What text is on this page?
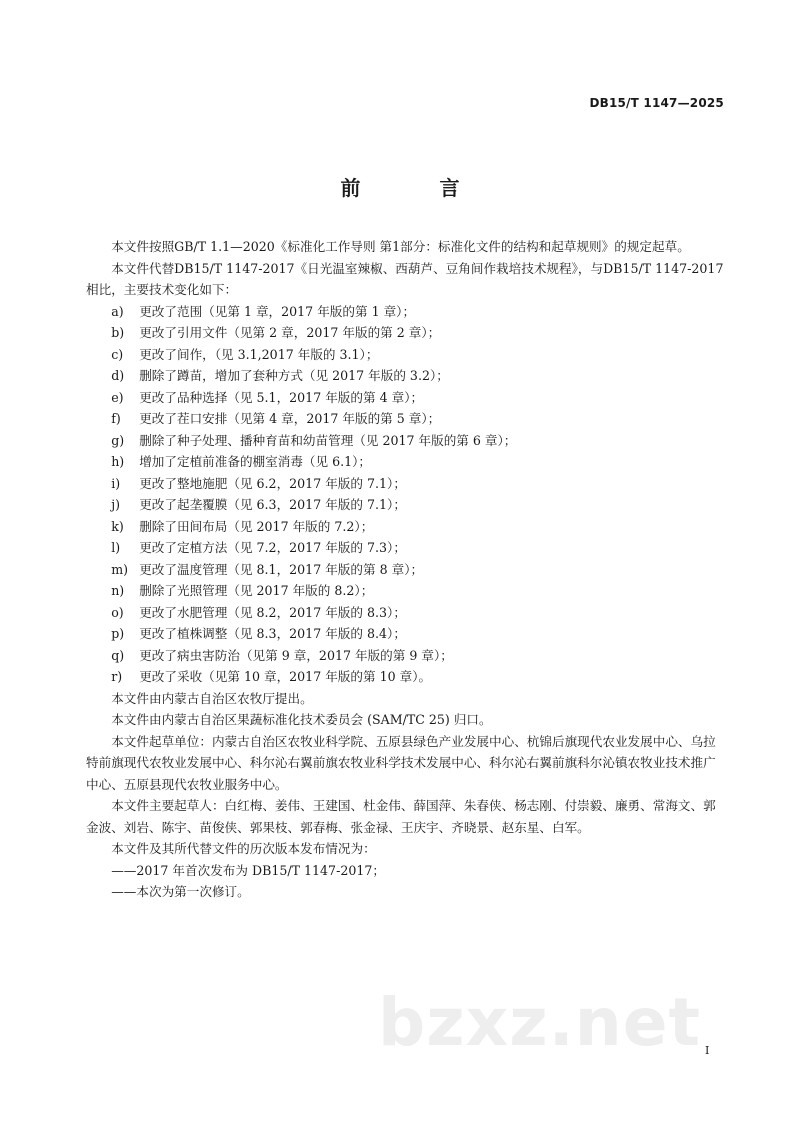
DB15/T 1147—2025
前 言

本文件按照GB/T 1.1—2020《标准化工作导则 第1部分：标准化文件的结构和起草规则》的规定起草。

本文件代替DB15/T 1147-2017《日光温室辣椒、西葫芦、豆角间作栽培技术规程》，与DB15/T 1147-2017相比，主要技术变化如下：

a) 更改了范围（见第 1 章，2017 年版的第 1 章）；

b) 更改了引用文件（见第 2 章，2017 年版的第 2 章）；

c) 更改了间作，（见 3.1,2017 年版的 3.1）；

d) 删除了蹲苗，增加了套种方式（见 2017 年版的 3.2）；

e) 更改了品种选择（见 5.1，2017 年版的第 4 章）；

f) 更改了茬口安排（见第 4 章，2017 年版的第 5 章）；

g) 删除了种子处理、播种育苗和幼苗管理（见 2017 年版的第 6 章）；

h) 增加了定植前准备的棚室消毒（见 6.1）；

i) 更改了整地施肥（见 6.2，2017 年版的 7.1）；

j) 更改了起垄覆膜（见 6.3，2017 年版的 7.1）；

k) 删除了田间布局（见 2017 年版的 7.2）；

l) 更改了定植方法（见 7.2，2017 年版的 7.3）；

m) 更改了温度管理（见 8.1，2017 年版的第 8 章）；

n) 删除了光照管理（见 2017 年版的 8.2）；

o) 更改了水肥管理（见 8.2，2017 年版的 8.3）；

p) 更改了植株调整（见 8.3，2017 年版的 8.4）；

q) 更改了病虫害防治（见第 9 章，2017 年版的第 9 章）；

r) 更改了采收（见第 10 章，2017 年版的第 10 章）。

本文件由内蒙古自治区农牧厅提出。

本文件由内蒙古自治区果蔬标准化技术委员会 (SAM/TC 25) 归口。

本文件起草单位：内蒙古自治区农牧业科学院、五原县绿色产业发展中心、杭锦后旗现代农业发展中心、乌拉特前旗现代农牧业发展中心、科尔沁右翼前旗农牧业科学技术发展中心、科尔沁右翼前旗科尔沁镇农牧业技术推广中心、五原县现代农牧业服务中心。

本文件主要起草人：白红梅、姜伟、王建国、杜金伟、薛国萍、朱春侠、杨志刚、付崇毅、廉勇、常海文、郭金波、刘岩、陈宇、苗俊侠、郭果枝、郭春梅、张金禄、王庆宇、齐晓景、赵东星、白军。

本文件及其所代替文件的历次版本发布情况为：

——2017 年首次发布为 DB15/T 1147-2017；

——本次为第一次修订。

bzxz.net I
